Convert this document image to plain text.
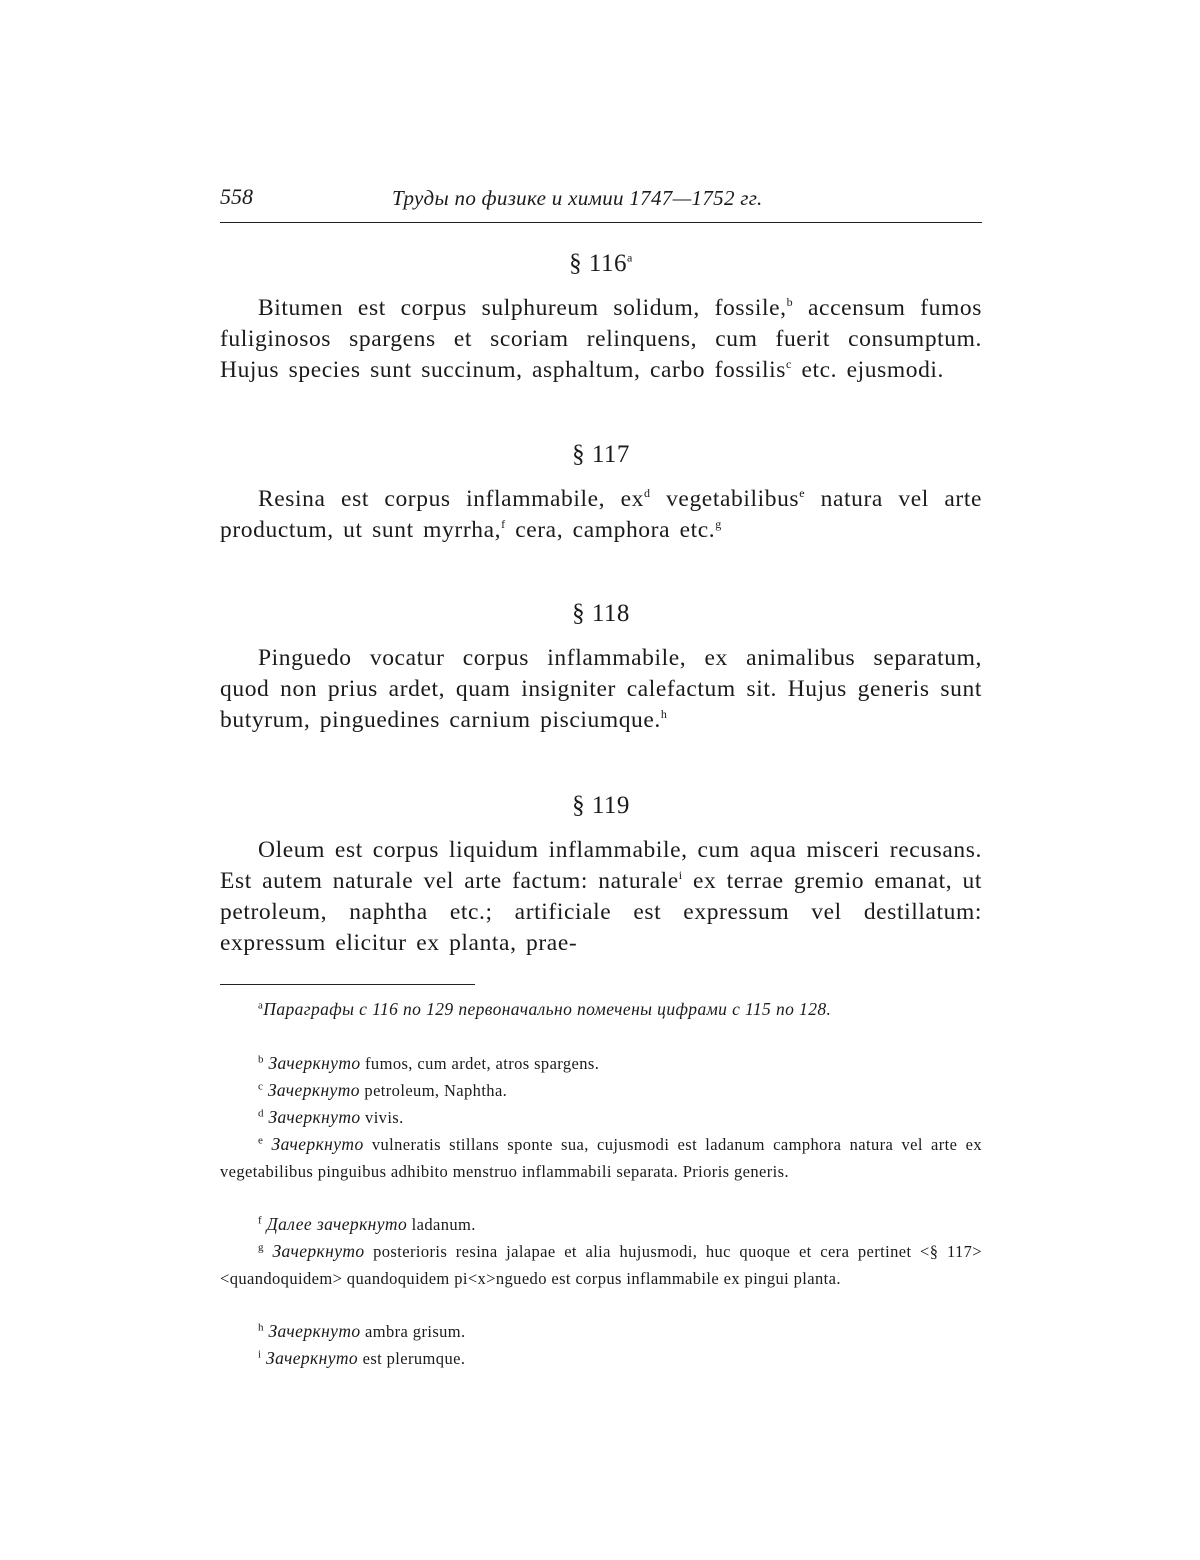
558	Труды по физике и химии 1747—1752 гг.
§ 116a

Bitumen est corpus sulphureum solidum, fossile,b accensum fumos fuliginosos spargens et scoriam relinquens, cum fuerit consumptum. Hujus species sunt succinum, asphaltum, carbo fossilisc etc. ejusmodi.

§ 117

Resina est corpus inflammabile, exd vegetabilibuse natura vel arte productum, ut sunt myrrha,f cera, camphora etc.g

§ 118

Pinguedo vocatur corpus inflammabile, ex animalibus separatum, quod non prius ardet, quam insigniter calefactum sit. Hujus generis sunt butyrum, pinguedines carnium pisciumque.h

§ 119

Oleum est corpus liquidum inflammabile, cum aqua misceri recusans. Est autem naturale vel arte factum: naturalei ex terrae gremio emanat, ut petroleum, naphtha etc.; artificiale est expressum vel destillatum: expressum elicitur ex planta, prae-

aПараграфы с 116 по 129 первоначально помечены цифрами с 115 по 128.

b Зачеркнуто fumos, cum ardet, atros spargens.

c Зачеркнуто petroleum, Naphtha.

d Зачеркнуто vivis.

e Зачеркнуто vulneratis stillans sponte sua, cujusmodi est ladanum camphora natura vel arte ex vegetabilibus pinguibus adhibito menstruo inflammabili separata. Prioris generis.

f Далее зачеркнуто ladanum.

g Зачеркнуто posterioris resina jalapae et alia hujusmodi, huc quoque et cera pertinet <§ 117> <quandoquidem> quandoquidem pi<x>nguedo est corpus inflammabile ex pingui planta.

h Зачеркнуто ambra grisum.

i Зачеркнуто est plerumque.
